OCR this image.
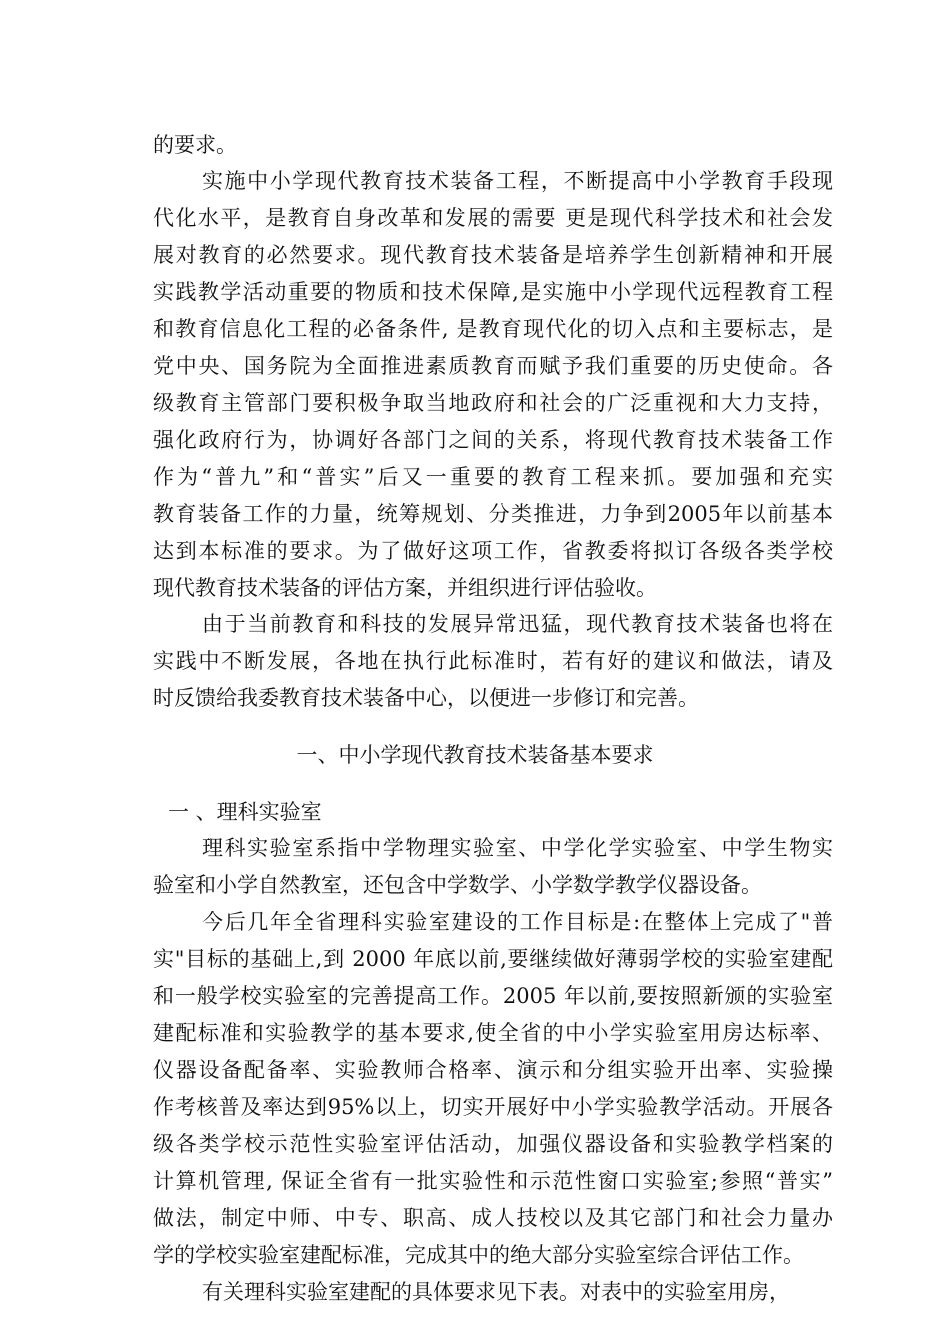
的要求。
实施中小学现代教育技术装备工程，不断提高中小学教育手段现
代化水平，是教育自身改革和发展的需要 更是现代科学技术和社会发
展对教育的必然要求。现代教育技术装备是培养学生创新精神和开展
实践教学活动重要的物质和技术保障,是实施中小学现代远程教育工程
和教育信息化工程的必备条件, 是教育现代化的切入点和主要标志，是
党中央、国务院为全面推进素质教育而赋予我们重要的历史使命。各
级教育主管部门要积极争取当地政府和社会的广泛重视和大力支持，
强化政府行为，协调好各部门之间的关系，将现代教育技术装备工作
作为“普九”和“普实”后又一重要的教育工程来抓。要加强和充实
教育装备工作的力量，统筹规划、分类推进，力争到2005年以前基本
达到本标准的要求。为了做好这项工作，省教委将拟订各级各类学校
现代教育技术装备的评估方案，并组织进行评估验收。
由于当前教育和科技的发展异常迅猛，现代教育技术装备也将在
实践中不断发展，各地在执行此标准时，若有好的建议和做法，请及
时反馈给我委教育技术装备中心，以便进一步修订和完善。
一、中小学现代教育技术装备基本要求
一 、理科实验室
理科实验室系指中学物理实验室、中学化学实验室、中学生物实
验室和小学自然教室，还包含中学数学、小学数学教学仪器设备。
今后几年全省理科实验室建设的工作目标是:在整体上完成了"普
实"目标的基础上,到 2000 年底以前,要继续做好薄弱学校的实验室建配
和一般学校实验室的完善提高工作。2005 年以前,要按照新颁的实验室
建配标准和实验教学的基本要求,使全省的中小学实验室用房达标率、
仪器设备配备率、实验教师合格率、演示和分组实验开出率、实验操
作考核普及率达到95%以上，切实开展好中小学实验教学活动。开展各
级各类学校示范性实验室评估活动，加强仪器设备和实验教学档案的
计算机管理, 保证全省有一批实验性和示范性窗口实验室;参照“普实”
做法，制定中师、中专、职高、成人技校以及其它部门和社会力量办
学的学校实验室建配标准，完成其中的绝大部分实验室综合评估工作。
有关理科实验室建配的具体要求见下表。对表中的实验室用房，
